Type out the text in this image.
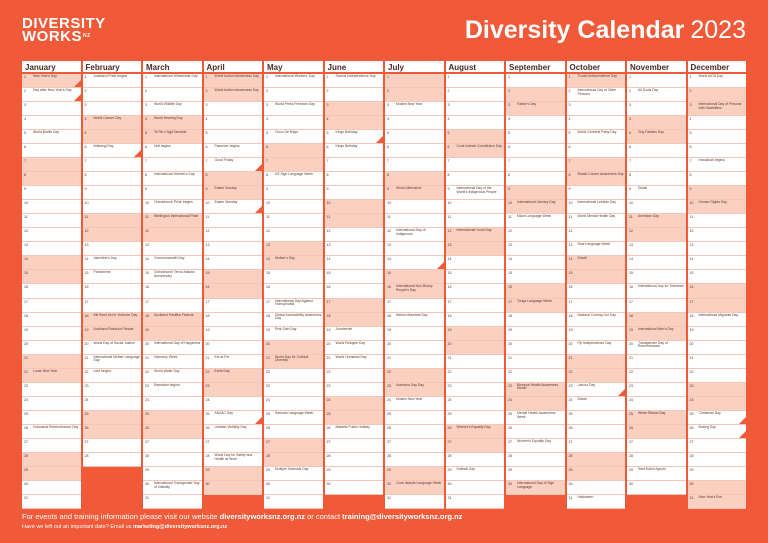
DIVERSITY
$WORKS^{NZ}$	Diversity Calendar 2023
January
1 New Year's Day
2 Day after New Year's Day
3
4
5 World Braille Day
6
7
8
9
10
11
12
13
14
15
16
17
18
19
20
21
22 Lunar New Year
23
24
25
26 Holocaust Remembrance Day
27
28
29
30
31
February
1 Auckland Pride begins
2
3
4 World Cancer Day
5
6 Waitangi Day
7
8
9
10
11
12
13
14 Valentine's Day
15 Pantomime
16
17
18 Bill Reed Act in Violence Day
19 Auckland Rainbow Parade
20 World Day of Social Justice
21 International Mother Language Day
22 Lent begins
23
24
25
26
27
28
March
1 International Wheelchair Day
2
3 World Wildlife Day
4 World Hearing Day
5 Te Rā o Ngā Tamariki
6 Holi begins
7
8 International Women's Day
9
10 Christchurch Pride begins
11 Wellington International Pride
12
13
14 Commonwealth Day
15 Christchurch Terror Attacks Anniversary
16
17
18 Auckland Pasifika Festival
19
20 International Day of Happiness
21 Harmony Week
22 World Water Day
23 Ramadan begins
24
25
26
27
28
29
30 International Transgender Day of Visibility
31
April
1 World Autism Awareness Day
2 World Autism Awareness Day
3
4
5
6 Passover begins
7 Good Friday
8
9 Easter Sunday
10 Easter Monday
11
12
13
14
15
16
17
18
19
20
21 Eid al-Fitr
22 Earth Day
23
24
25 ANZAC Day
26 Lesbian Visibility Day
27
28 World Day for Safety and Health at Work
29
30
May
1 International Workers' Day
2
3 World Press Freedom Day
4
5 Cinco De Mayo
6
7
8 NZ Sign Language Week
9
10
11
12
13
14 Mother's Day
15
16
17 International Day Against Homophobia
18 Global Accessibility Awareness Day
19 Pink Shirt Day
20
21 World Day for Cultural Diversity
22
23
24
25 Samoan Language Week
26
27
28
29 Multiple Sclerosis Day
30
31
June
1 Samoa Independence Day
2
3
4
5 Kings Birthday
6 Kings Birthday
7
8
9
10
11
12
13
14
15
16
17
18
19 Juneteenth
20 World Refugee Day
21 World Humanist Day
22
23
24
25
26 Matariki Public Holiday
27
28
29
30
July
1
2
3 Muslim New Year
4
5
6
7
8
9 World Alternative
10
11
12 International Day of Indigenous
13
14
15
16 International Non-Binary People's Day
17
18 Nelson Mandela Day
19
20
21
22
23 Aotearoa Gay Day
24 Muslim New Year
25
26
27
28
29
30 Cook Islands Language Week
31
August
1
2
3
4
5
6 Cook Islands Constitution Day
7
8
9 International Day of the World's Indigenous People
10
11
12 International Youth Day
13
14
15
16
17
18
19
20
21
22
23
24
25
26 Women's Equality Day
27
28
29 Daffodil Day
30
31
September
1
2
3 Father's Day
4
5
6
7
8
9
10 International Literacy Day
11 Māori Language Week
12
13
14
15
16
17 Tonga Language Week
18
19
20
21
22
23 Bisexual Health Awareness Month
24
25 Mental Health Awareness Week
26
27 Women's Equality Day
28
29
30 International Day of Sign Language
October
1 Tuvalu Independence Day
2 International Day of Older Persons
3
4
5 World Cerebral Palsy Day
6
7
8 Breast Cancer Awareness Day
9
10 International Lesbian Day
11 World Mental Health Day
12
13 Niue Language Week
14 Diwali
15
16
17
18 National Coming Out Day
19
20 Fiji Independence Day
21
22
23 Labour Day
24 Diwali
25
26
27
28
29
30
31 Halloween
November
1
2 All Souls Day
3
4
5 Guy Fawkes Day
6
7
8
9 Diwali
10
11 Armistice Day
12
13
14
15
16 International Day for Tolerance
17
18
19 International Men's Day
20 Transgender Day of Remembrance
21
22
23
24
25 White Ribbon Day
26
27
28
29 Sara Kahin Ayushi
30
December
1 World AIDS Day
2
3 International Day of Persons with Disabilities
4
5
6
7 Hanukkah begins
8
9
10 Human Rights Day
11
12
13
14
15
16
17
18 International Migrants Day
19
20
21
22
23
24
25 Christmas Day
26 Boxing Day
27
28
29
30
31 New Year's Eve
For events and training information please visit our website diversityworksnz.org.nz or contact training@diversityworksnz.org.nz
Have we left out an important date? Email us marketing@diversityworksnz.org.nz
